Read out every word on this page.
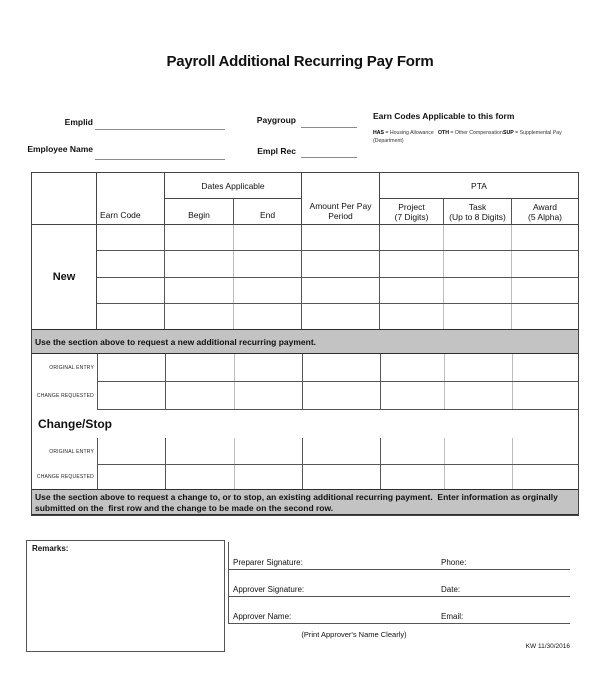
Payroll Additional Recurring Pay Form
Emplid
Employee Name
Paygroup
Empl Rec
Earn Codes Applicable to this form
HAS = Housing Allowance OTH = Other Compensation SUP = Supplemental Pay
(Department)
Earn Code
Dates Applicable
Begin	End
Amount Per Pay
Period
PTA
Project
(7 Digits)
Task
(Up to 8 Digits)
Award
(5 Alpha)
New
Use the section above to request a new additional recurring payment.
ORIGINAL ENTRY
CHANGE REQUESTED
Change/Stop
ORIGINAL ENTRY
CHANGE REQUESTED
Use the section above to request a change to, or to stop, an existing additional recurring payment.  Enter information as orginally submitted on the  first row and the change to be made on the second row.
Remarks:
Preparer Signature:	Phone:
Approver Signature:	Date:
Approver Name:	Email:
(Print Approver's Name Clearly)
KW 11/30/2016
